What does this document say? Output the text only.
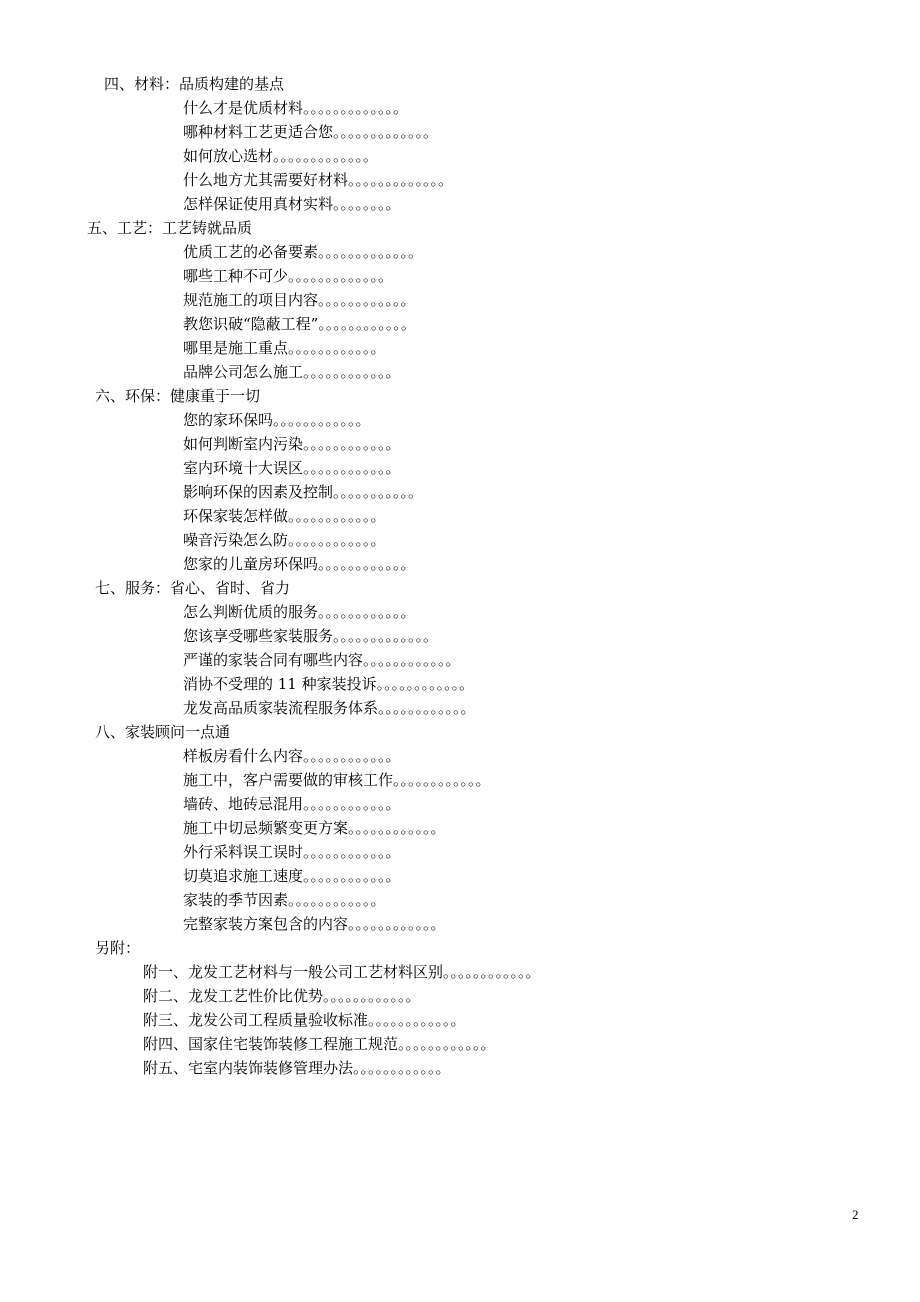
四、材料：品质构建的基点
什么才是优质材料。。。。。。。。。。。。。
哪种材料工艺更适合您。。。。。。。。。。。。。
如何放心选材。。。。。。。。。。。。。
什么地方尤其需要好材料。。。。。。。。。。。。。
怎样保证使用真材实料。。。。。。。。
五、工艺：工艺铸就品质
优质工艺的必备要素。。。。。。。。。。。。。
哪些工种不可少。。。。。。。。。。。。。
规范施工的项目内容。。。。。。。。。。。。
教您识破“隐蔽工程”。。。。。。。。。。。。
哪里是施工重点。。。。。。。。。。。。
品牌公司怎么施工。。。。。。。。。。。。
六、环保：健康重于一切
您的家环保吗。。。。。。。。。。。。
如何判断室内污染。。。。。。。。。。。。
室内环境十大误区。。。。。。。。。。。。
影响环保的因素及控制。。。。。。。。。。。
环保家装怎样做。。。。。。。。。。。。
噪音污染怎么防。。。。。。。。。。。。
您家的儿童房环保吗。。。。。。。。。。。。
七、服务：省心、省时、省力
怎么判断优质的服务。。。。。。。。。。。。
您该享受哪些家装服务。。。。。。。。。。。。。
严谨的家装合同有哪些内容。。。。。。。。。。。。
消协不受理的 11 种家装投诉。。。。。。。。。。。。
龙发高品质家装流程服务体系。。。。。。。。。。。。
八、家装顾问一点通
样板房看什么内容。。。。。。。。。。。。
施工中，客户需要做的审核工作。。。。。。。。。。。。
墙砖、地砖忌混用。。。。。。。。。。。。
施工中切忌频繁变更方案。。。。。。。。。。。。
外行采料误工误时。。。。。。。。。。。。
切莫追求施工速度。。。。。。。。。。。。
家装的季节因素。。。。。。。。。。。。
完整家装方案包含的内容。。。。。。。。。。。。
另附：
附一、龙发工艺材料与一般公司工艺材料区别。。。。。。。。。。。。
附二、龙发工艺性价比优势。。。。。。。。。。。。
附三、龙发公司工程质量验收标准。。。。。。。。。。。。
附四、国家住宅装饰装修工程施工规范。。。。。。。。。。。。
附五、宅室内装饰装修管理办法。。。。。。。。。。。。
2
